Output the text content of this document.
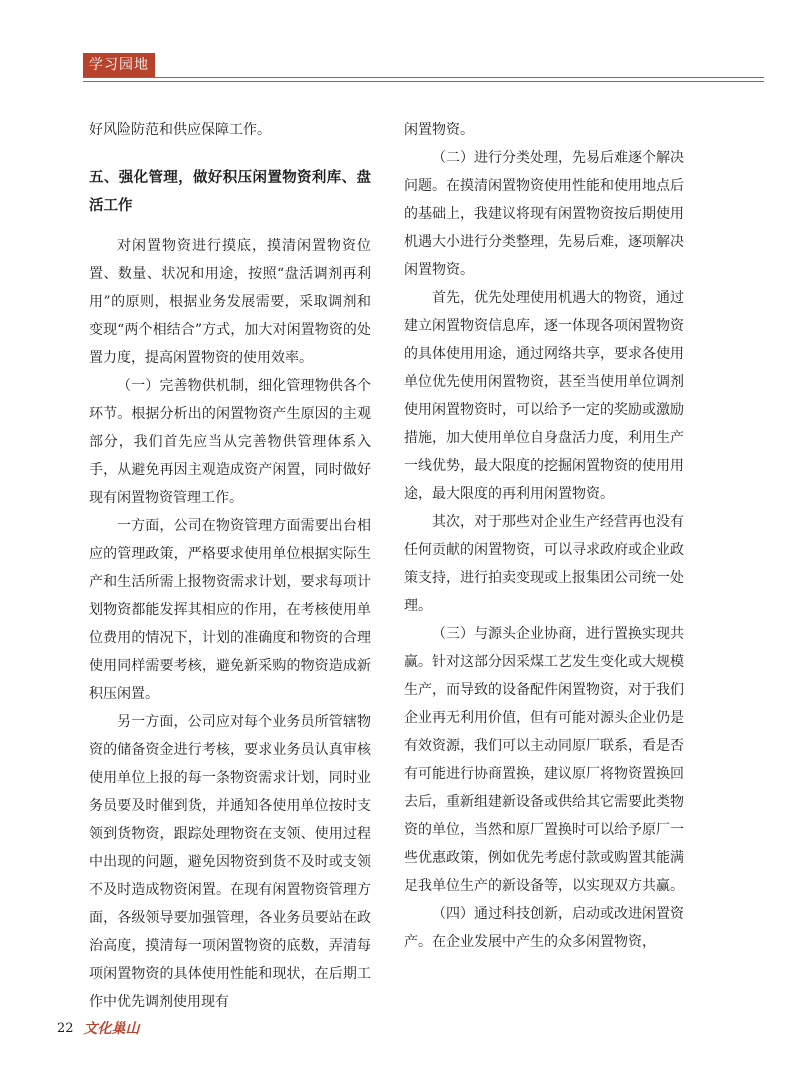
学习园地

好风险防范和供应保障工作。

五、强化管理，做好积压闲置物资利库、盘活工作

对闲置物资进行摸底，摸清闲置物资位置、数量、状况和用途，按照“盘活调剂再利用”的原则，根据业务发展需要，采取调剂和变现“两个相结合”方式，加大对闲置物资的处置力度，提高闲置物资的使用效率。

（一）完善物供机制，细化管理物供各个环节。根据分析出的闲置物资产生原因的主观部分，我们首先应当从完善物供管理体系入手，从避免再因主观造成资产闲置，同时做好现有闲置物资管理工作。

一方面，公司在物资管理方面需要出台相应的管理政策，严格要求使用单位根据实际生产和生活所需上报物资需求计划，要求每项计划物资都能发挥其相应的作用，在考核使用单位费用的情况下，计划的准确度和物资的合理使用同样需要考核，避免新采购的物资造成新积压闲置。

另一方面，公司应对每个业务员所管辖物资的储备资金进行考核，要求业务员认真审核使用单位上报的每一条物资需求计划，同时业务员要及时催到货，并通知各使用单位按时支领到货物资，跟踪处理物资在支领、使用过程中出现的问题，避免因物资到货不及时或支领不及时造成物资闲置。在现有闲置物资管理方面，各级领导要加强管理，各业务员要站在政治高度，摸清每一项闲置物资的底数，弄清每项闲置物资的具体使用性能和现状，在后期工作中优先调剂使用现有

闲置物资。

（二）进行分类处理，先易后难逐个解决问题。在摸清闲置物资使用性能和使用地点后的基础上，我建议将现有闲置物资按后期使用机遇大小进行分类整理，先易后难，逐项解决闲置物资。

首先，优先处理使用机遇大的物资，通过建立闲置物资信息库，逐一体现各项闲置物资的具体使用用途，通过网络共享，要求各使用单位优先使用闲置物资，甚至当使用单位调剂使用闲置物资时，可以给予一定的奖励或激励措施，加大使用单位自身盘活力度，利用生产一线优势，最大限度的挖掘闲置物资的使用用途，最大限度的再利用闲置物资。

其次，对于那些对企业生产经营再也没有任何贡献的闲置物资，可以寻求政府或企业政策支持，进行拍卖变现或上报集团公司统一处理。

（三）与源头企业协商，进行置换实现共赢。针对这部分因采煤工艺发生变化或大规模生产，而导致的设备配件闲置物资，对于我们企业再无利用价值，但有可能对源头企业仍是有效资源，我们可以主动同原厂联系，看是否有可能进行协商置换，建议原厂将物资置换回去后，重新组建新设备或供给其它需要此类物资的单位，当然和原厂置换时可以给予原厂一些优惠政策，例如优先考虑付款或购置其能满足我单位生产的新设备等，以实现双方共赢。

（四）通过科技创新，启动或改进闲置资产。在企业发展中产生的众多闲置物资，

22 文化巢山
